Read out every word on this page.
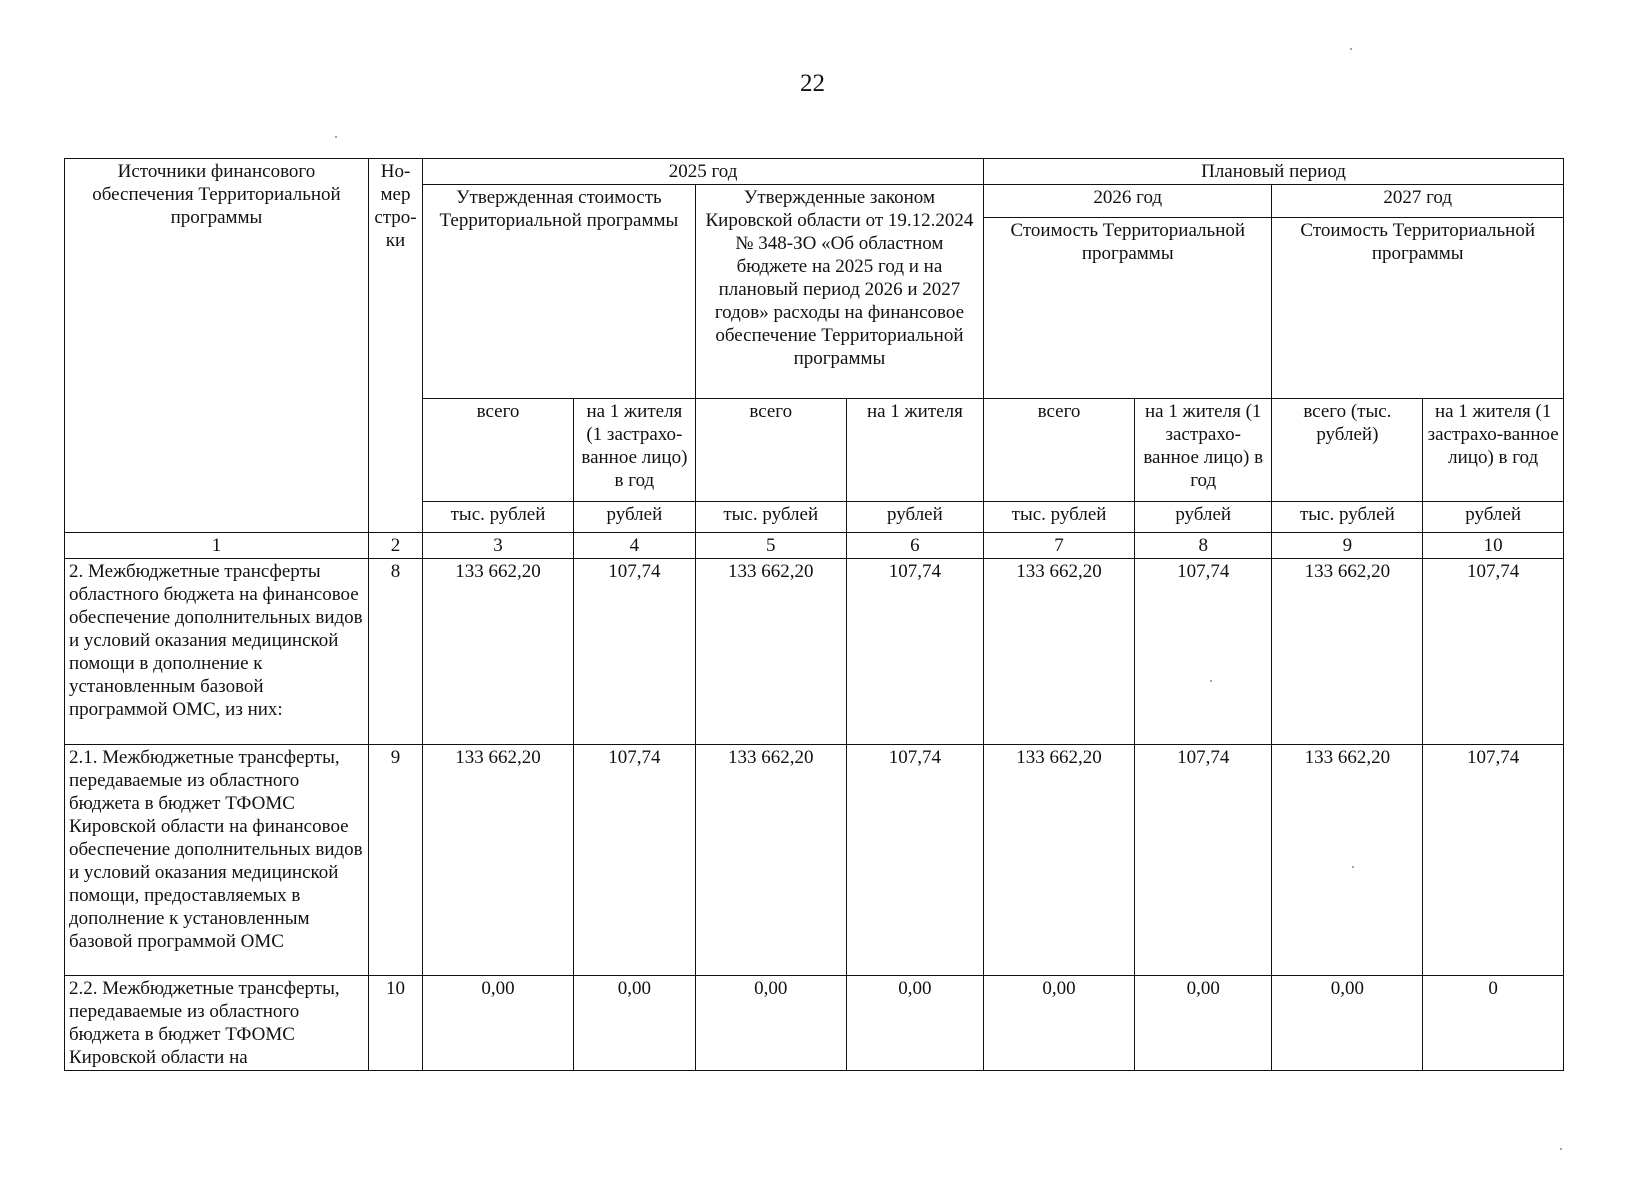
22
Источники финансового обеспечения Территориальной программы	Но-мер стро-ки	2025 год				Плановый период			
		Утвержденная стоимость Территориальной программы		Утвержденные законом Кировской области от 19.12.2024 № 348-ЗО «Об областном бюджете на 2025 год и на плановый период 2026 и 2027 годов» расходы на финансовое обеспечение Территориальной программы		2026 год		2027 год	
						Стоимость Территориальной программы		Стоимость Территориальной программы	
		всего	на 1 жителя (1 застрахо-ванное лицо) в год	всего	на 1 жителя	всего	на 1 жителя (1 застрахо-ванное лицо) в год	всего (тыс. рублей)	на 1 жителя (1 застрахо-ванное лицо) в год
		тыс. рублей	рублей	тыс. рублей	рублей	тыс. рублей	рублей	тыс. рублей	рублей
1	2	3	4	5	6	7	8	9	10
2. Межбюджетные трансферты областного бюджета на финансовое обеспечение дополнительных видов и условий оказания медицинской помощи в дополнение к установленным базовой программой ОМС, из них:	8	133 662,20	107,74	133 662,20	107,74	133 662,20	107,74	133 662,20	107,74
2.1. Межбюджетные трансферты, передаваемые из областного бюджета в бюджет ТФОМС Кировской области на финансовое обеспечение дополнительных видов и условий оказания медицинской помощи, предоставляемых в дополнение к установленным базовой программой ОМС	9	133 662,20	107,74	133 662,20	107,74	133 662,20	107,74	133 662,20	107,74
2.2. Межбюджетные трансферты, передаваемые из областного бюджета в бюджет ТФОМС Кировской области на	10	0,00	0,00	0,00	0,00	0,00	0,00	0,00	0
